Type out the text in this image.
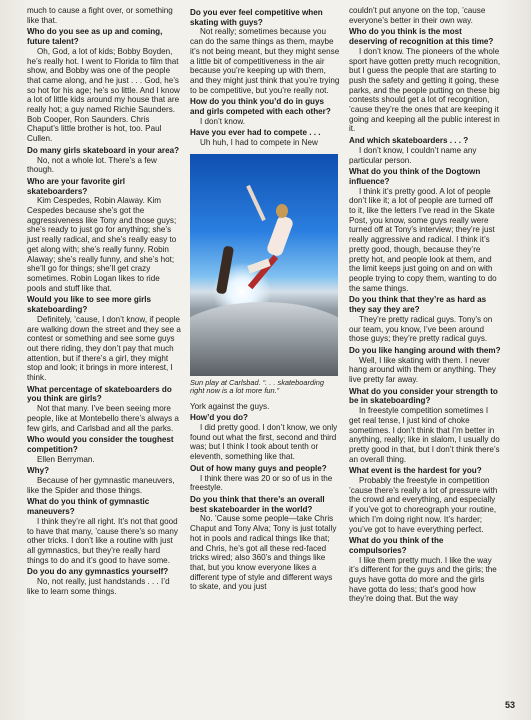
much to cause a fight over, or something like that.

Who do you see as up and coming, future talent?

Oh, God, a lot of kids; Bobby Boyden, he’s really hot. I went to Florida to film that show, and Bobby was one of the people that came along, and he just . . . God, he’s so hot for his age; he’s so little. And I know a lot of little kids around my house that are really hot; a guy named Richie Saunders. Bob Cooper, Ron Saunders. Chris Chaput’s little brother is hot, too. Paul Cullen.

Do many girls skateboard in your area?

No, not a whole lot. There’s a few though.

Who are your favorite girl skateboarders?

Kim Cespedes, Robin Alaway. Kim Cespedes because she’s got the aggressiveness like Tony and those guys; she’s ready to just go for anything; she’s just really radical, and she’s really easy to get along with; she’s really funny. Robin Alaway; she’s really funny, and she’s hot; she’ll go for things; she’ll get crazy sometimes. Robin Logan likes to ride pools and stuff like that.

Would you like to see more girls skateboarding?

Definitely, ’cause, I don’t know, if people are walking down the street and they see a contest or something and see some guys out there riding, they don’t pay that much attention, but if there’s a girl, they might stop and look; it brings in more interest, I think.

What percentage of skateboarders do you think are girls?

Not that many. I’ve been seeing more people, like at Montebello there’s always a few girls, and Carlsbad and all the parks.

Who would you consider the toughest competition?

Ellen Berryman.

Why?

Because of her gymnastic maneuvers, like the Spider and those things.

What do you think of gymnastic maneuvers?

I think they’re all right. It’s not that good to have that many, ’cause there’s so many other tricks. I don’t like a routine with just all gymnastics, but they’re really hard things to do and it’s good to have some.

Do you do any gymnastics yourself?

No, not really, just handstands . . . I’d like to learn some things.

Do you ever feel competitive when skating with guys?

Not really; sometimes because you can do the same things as them, maybe it’s not being meant, but they might sense a little bit of competitiveness in the air because you’re keeping up with them, and they might just think that you’re trying to be competitive, but you’re really not.

How do you think you’d do in guys and girls competed with each other?

I don’t know.

Have you ever had to compete . . .

Uh huh, I had to compete in New

Sun play at Carlsbad. “. . . skateboarding right now is a lot more fun.”

York against the guys.

How’d you do?

I did pretty good. I don’t know, we only found out what the first, second and third was; but I think I took about tenth or eleventh, something like that.

Out of how many guys and people?

I think there was 20 or so of us in the freestyle.

Do you think that there’s an overall best skateboarder in the world?

No. ’Cause some people—take Chris Chaput and Tony Alva; Tony is just totally hot in pools and radical things like that; and Chris, he’s got all these red-faced tricks wired; also 360’s and things like that, but you know everyone likes a different type of style and different ways to skate, and you just

couldn’t put anyone on the top, ’cause everyone’s better in their own way.

Who do you think is the most deserving of recognition at this time?

I don’t know. The pioneers of the whole sport have gotten pretty much recognition, but I guess the people that are starting to push the safety and getting it going, these parks, and the people putting on these big contests should get a lot of recognition, ’cause they’re the ones that are keeping it going and keeping all the public interest in it.

And which skateboarders . . . ?

I don’t know, I couldn’t name any particular person.

What do you think of the Dogtown influence?

I think it’s pretty good. A lot of people don’t like it; a lot of people are turned off to it, like the letters I’ve read in the Skate Post, you know, some guys really were turned off at Tony’s interview; they’re just really aggressive and radical. I think it’s pretty good, though, because they’re pretty hot, and people look at them, and the limit keeps just going on and on with people trying to copy them, wanting to do the same things.

Do you think that they’re as hard as they say they are?

They’re pretty radical guys. Tony’s on our team, you know, I’ve been around those guys; they’re pretty radical guys.

Do you like hanging around with them?

Well, I like skating with them. I never hang around with them or anything. They live pretty far away.

What do you consider your strength to be in skateboarding?

In freestyle competition sometimes I get real tense, I just kind of choke sometimes. I don’t think that I’m better in anything, really; like in slalom, I usually do pretty good in that, but I don’t think there’s an overall thing.

What event is the hardest for you?

Probably the freestyle in competition ’cause there’s really a lot of pressure with the crowd and everything, and especially if you’ve got to choreograph your routine, which I’m doing right now. It’s harder; you’ve got to have everything perfect.

What do you think of the compulsories?

I like them pretty much. I like the way it’s different for the guys and the girls; the guys have gotta do more and the girls have gotta do less; that’s good how they’re doing that. But the way

53
